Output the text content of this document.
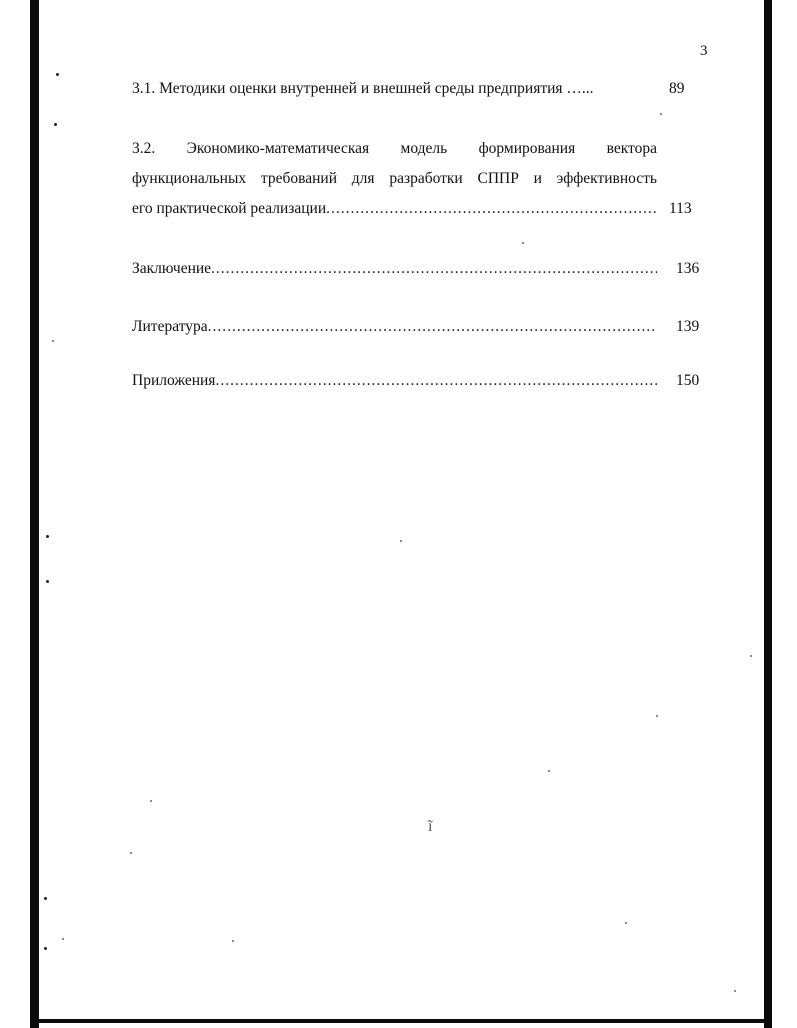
3
3.1. Методики оценки внутренней и внешней среды предприятия …...	89
3.2. Экономико-математическая модель формирования вектора
функциональных требований для разработки СППР и эффективность
его практической реализации .....	113
Заключение .....	136
Литература .....	139
Приложения .....	150
ĩ
